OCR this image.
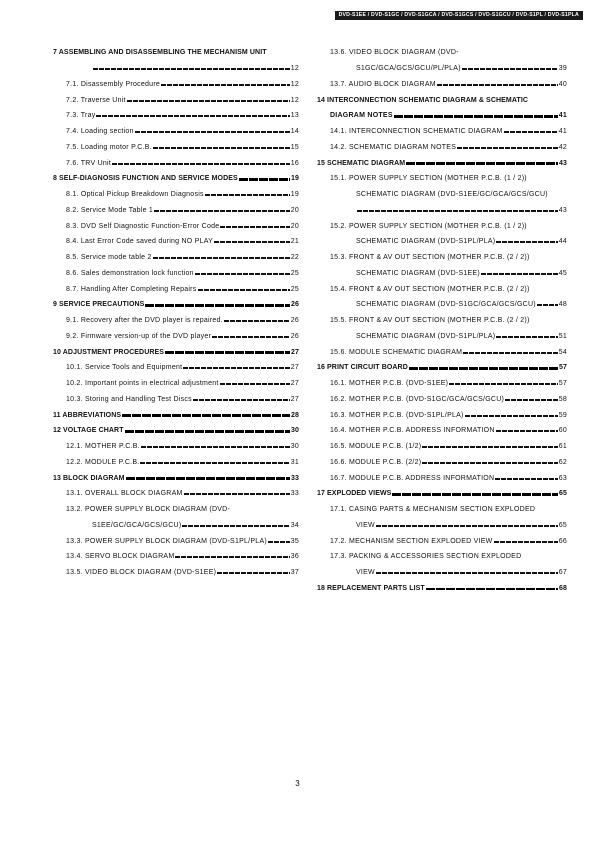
DVD-S1EE / DVD-S1GC / DVD-S1GCA / DVD-S1GCS / DVD-S1GCU / DVD-S1PL / DVD-S1PLA
7 ASSEMBLING AND DISASSEMBLING THE MECHANISM UNIT
12
7.1. Disassembly Procedure	12
7.2. Traverse Unit	12
7.3. Tray	13
7.4. Loading section	14
7.5. Loading motor P.C.B.	15
7.6. TRV Unit	16
8 SELF-DIAGNOSIS FUNCTION AND SERVICE MODES	19
8.1. Optical Pickup Breakdown Diagnosis	19
8.2. Service Mode Table 1	20
8.3. DVD Self Diagnostic Function-Error Code	20
8.4. Last Error Code saved during NO PLAY	21
8.5. Service mode table 2	22
8.6. Sales demonstration lock function	25
8.7. Handling After Completing Repairs	25
9 SERVICE PRECAUTIONS	26
9.1. Recovery after the DVD player is repaired.	26
9.2. Firmware version-up of the DVD player	26
10 ADJUSTMENT PROCEDURES	27
10.1. Service Tools and Equipment	27
10.2. Important points in electrical adjustment	27
10.3. Storing and Handling Test Discs	27
11 ABBREVIATIONS	28
12 VOLTAGE CHART	30
12.1. MOTHER P.C.B.	30
12.2. MODULE P.C.B.	31
13 BLOCK DIAGRAM	33
13.1. OVERALL BLOCK DIAGRAM	33
13.2. POWER SUPPLY BLOCK DIAGRAM (DVD-
S1EE/GC/GCA/GCS/GCU)	34
13.3. POWER SUPPLY BLOCK DIAGRAM (DVD-S1PL/PLA)	35
13.4. SERVO BLOCK DIAGRAM	36
13.5. VIDEO BLOCK DIAGRAM (DVD-S1EE)	37
13.6. VIDEO BLOCK DIAGRAM (DVD-
S1GC/GCA/GCS/GCU/PL/PLA)	39
13.7. AUDIO BLOCK DIAGRAM	40
14 INTERCONNECTION SCHEMATIC DIAGRAM & SCHEMATIC
DIAGRAM NOTES	41
14.1. INTERCONNECTION SCHEMATIC DIAGRAM	41
14.2. SCHEMATIC DIAGRAM NOTES	42
15 SCHEMATIC DIAGRAM	43
15.1. POWER SUPPLY SECTION (MOTHER P.C.B. (1 / 2))
SCHEMATIC DIAGRAM (DVD-S1EE/GC/GCA/GCS/GCU)
43
15.2. POWER SUPPLY SECTION (MOTHER P.C.B. (1 / 2))
SCHEMATIC DIAGRAM (DVD-S1PL/PLA)	44
15.3. FRONT & AV OUT SECTION (MOTHER P.C.B. (2 / 2))
SCHEMATIC DIAGRAM (DVD-S1EE)	45
15.4. FRONT & AV OUT SECTION (MOTHER P.C.B. (2 / 2))
SCHEMATIC DIAGRAM (DVD-S1GC/GCA/GCS/GCU)	48
15.5. FRONT & AV OUT SECTION (MOTHER P.C.B. (2 / 2))
SCHEMATIC DIAGRAM (DVD-S1PL/PLA)	51
15.6. MODULE SCHEMATIC DIAGRAM	54
16 PRINT CIRCUIT BOARD	57
16.1. MOTHER P.C.B. (DVD-S1EE)	57
16.2. MOTHER P.C.B. (DVD-S1GC/GCA/GCS/GCU)	58
16.3. MOTHER P.C.B. (DVD-S1PL/PLA)	59
16.4. MOTHER P.C.B. ADDRESS INFORMATION	60
16.5. MODULE P.C.B. (1/2)	61
16.6. MODULE P.C.B. (2/2)	62
16.7. MODULE P.C.B. ADDRESS INFORMATION	63
17 EXPLODED VIEWS	65
17.1. CASING PARTS & MECHANISM SECTION EXPLODED
VIEW	65
17.2. MECHANISM SECTION EXPLODED VIEW	66
17.3. PACKING & ACCESSORIES SECTION EXPLODED
VIEW	67
18 REPLACEMENT PARTS LIST	68
3
